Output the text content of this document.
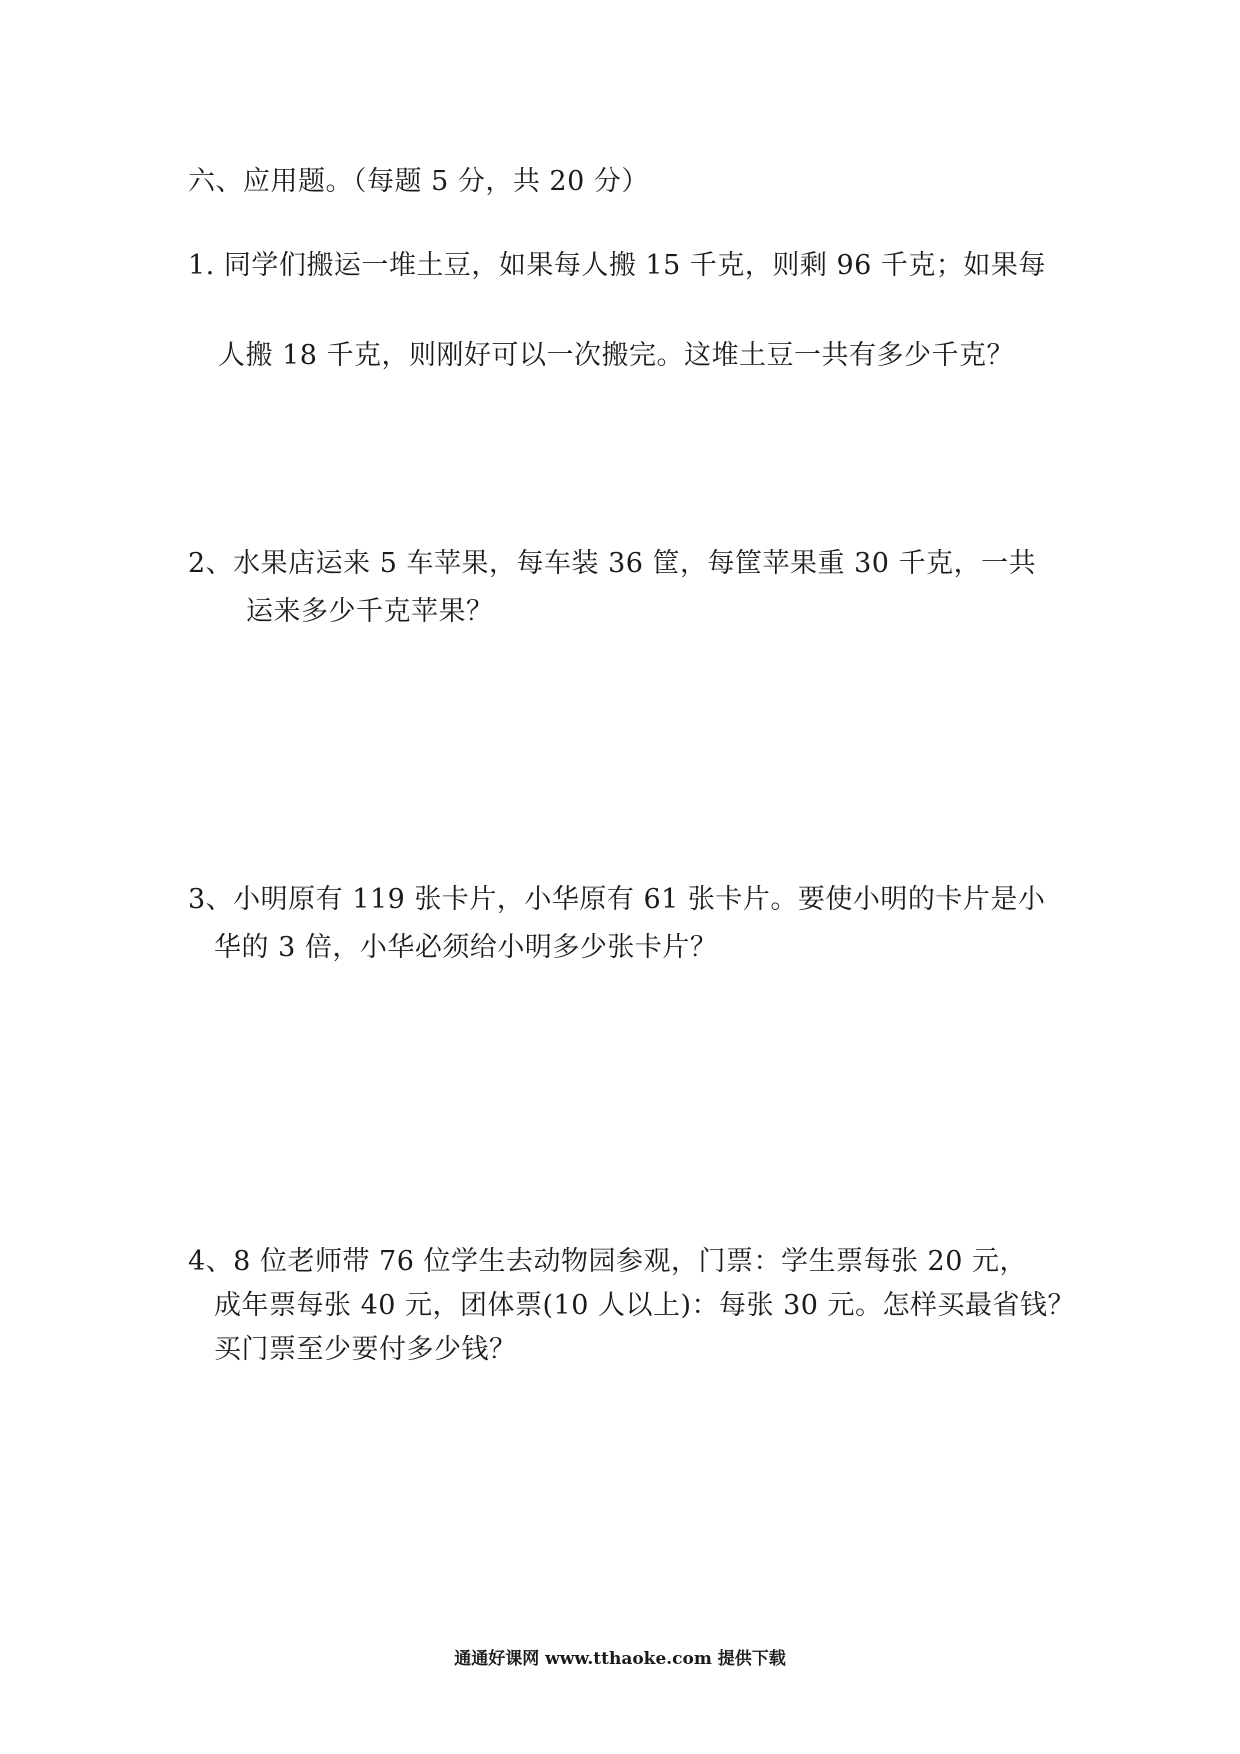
六、应用题。（每题 5 分，共 20 分）
1. 同学们搬运一堆土豆，如果每人搬 15 千克，则剩 96 千克；如果每
人搬 18 千克，则刚好可以一次搬完。这堆土豆一共有多少千克？
2、水果店运来 5 车苹果，每车装 36 筐，每筐苹果重 30 千克，一共
运来多少千克苹果？
3、小明原有 119 张卡片，小华原有 61 张卡片。要使小明的卡片是小
华的 3 倍，小华必须给小明多少张卡片？
4、8 位老师带 76 位学生去动物园参观，门票：学生票每张 20 元，
成年票每张 40 元，团体票(10 人以上)：每张 30 元。怎样买最省钱？
买门票至少要付多少钱？
通通好课网 www.tthaoke.com 提供下载
